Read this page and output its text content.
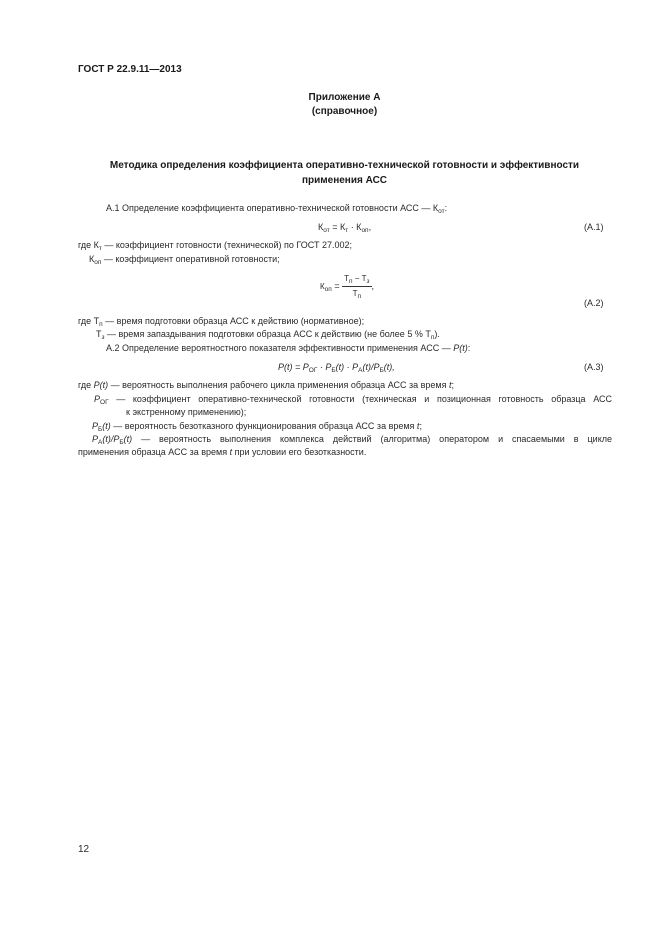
ГОСТ Р 22.9.11—2013
Приложение А
(справочное)
Методика определения коэффициента оперативно-технической готовности и эффективности
применения АСС
А.1 Определение коэффициента оперативно-технической готовности АСС — $К_{от}$:
$К_{от} = К_т \cdot К_{оп}$,	(А.1)
где $К_т$ — коэффициент готовности (технической) по ГОСТ 27.002;
$К_{оп}$ — коэффициент оперативной готовности;
$К_{оп} = \frac{Т_п - Т_з}{Т_п}$ ,
(А.2)
где $Т_п$ — время подготовки образца АСС к действию (нормативное);
$Т_з$ — время запаздывания подготовки образца АСС к действию (не более 5 % $Т_п$).
А.2 Определение вероятностного показателя эффективности применения АСС — P(t):
$P(t) = P_{ОГ} \cdot P_Б(t) \cdot P_А(t)/P_Б(t)$,	(А.3)
где P(t) — вероятность выполнения рабочего цикла применения образца АСС за время t;
$P_{ОГ}$ — коэффициент оперативно-технической готовности (техническая и позиционная готовность образца АСС
к экстренному применению);
$P_Б(t)$ — вероятность безотказного функционирования образца АСС за время t;
$P_А(t)/P_Б(t)$ — вероятность выполнения комплекса действий (алгоритма) оператором и спасаемыми в цикле
применения образца АСС за время t при условии его безотказности.
12
